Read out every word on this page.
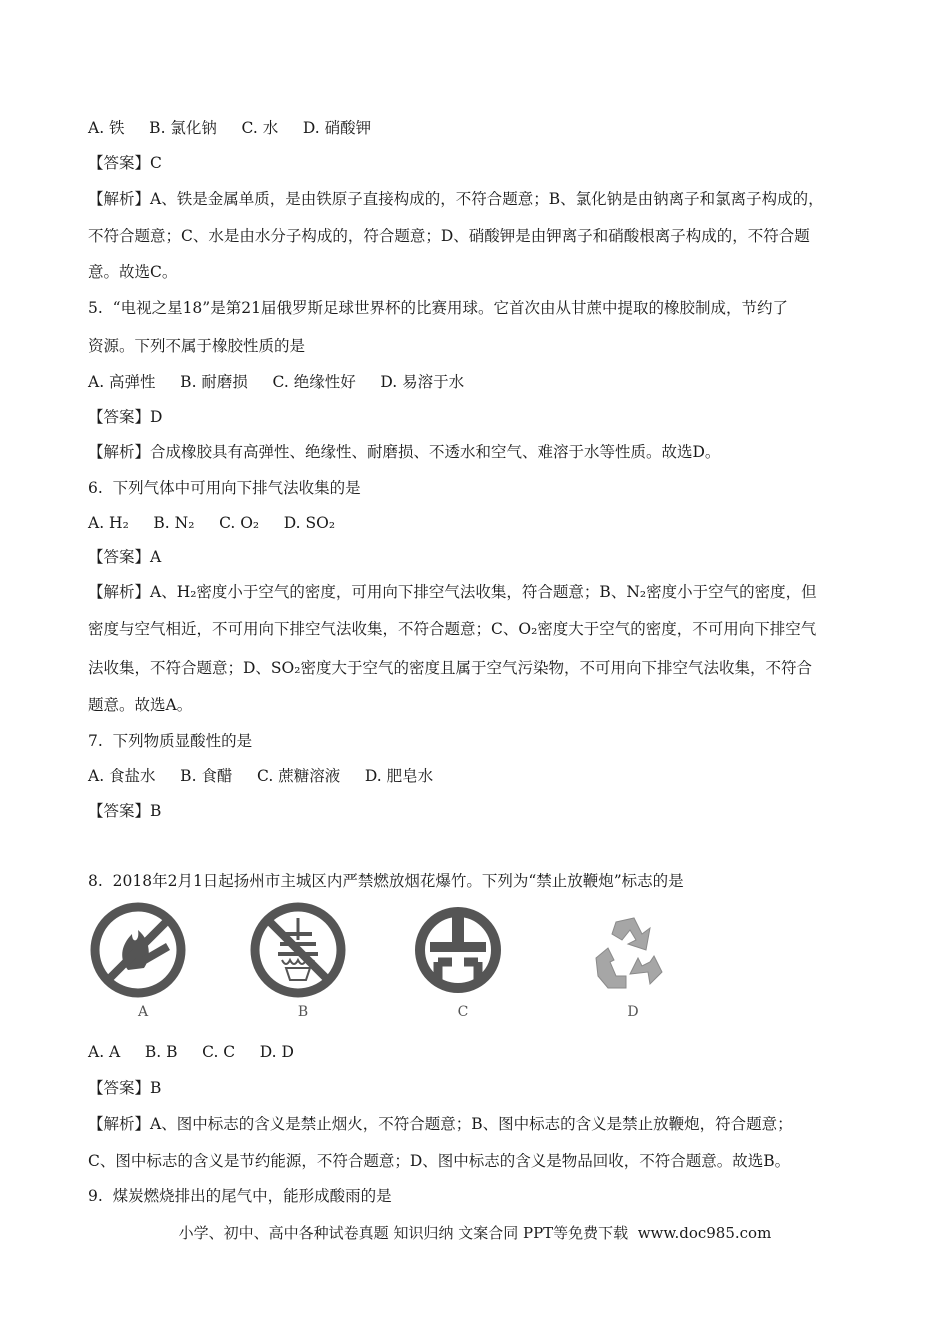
A. 铁     B. 氯化钠     C. 水     D. 硝酸钾
【答案】C
【解析】A、铁是金属单质，是由铁原子直接构成的，不符合题意；B、氯化钠是由钠离子和氯离子构成的，
不符合题意；C、水是由水分子构成的，符合题意；D、硝酸钾是由钾离子和硝酸根离子构成的，不符合题
意。故选C。
5.  “电视之星18”是第21届俄罗斯足球世界杯的比赛用球。它首次由从甘蔗中提取的橡胶制成，节约了
资源。下列不属于橡胶性质的是
A. 高弹性     B. 耐磨损     C. 绝缘性好     D. 易溶于水
【答案】D
【解析】合成橡胶具有高弹性、绝缘性、耐磨损、不透水和空气、难溶于水等性质。故选D。
6.  下列气体中可用向下排气法收集的是
A. H₂     B. N₂     C. O₂     D. SO₂
【答案】A
【解析】A、H₂密度小于空气的密度，可用向下排空气法收集，符合题意；B、N₂密度小于空气的密度，但
密度与空气相近，不可用向下排空气法收集，不符合题意；C、O₂密度大于空气的密度，不可用向下排空气
法收集，不符合题意；D、SO₂密度大于空气的密度且属于空气污染物，不可用向下排空气法收集，不符合
题意。故选A。
7.  下列物质显酸性的是
A. 食盐水     B. 食醋     C. 蔗糖溶液     D. 肥皂水
【答案】B
8.  2018年2月1日起扬州市主城区内严禁燃放烟花爆竹。下列为“禁止放鞭炮”标志的是
A	B	C	D
A. A     B. B     C. C     D. D
【答案】B
【解析】A、图中标志的含义是禁止烟火，不符合题意；B、图中标志的含义是禁止放鞭炮，符合题意；
C、图中标志的含义是节约能源，不符合题意；D、图中标志的含义是物品回收，不符合题意。故选B。
9.  煤炭燃烧排出的尾气中，能形成酸雨的是
小学、初中、高中各种试卷真题 知识归纳 文案合同 PPT等免费下载  www.doc985.com
